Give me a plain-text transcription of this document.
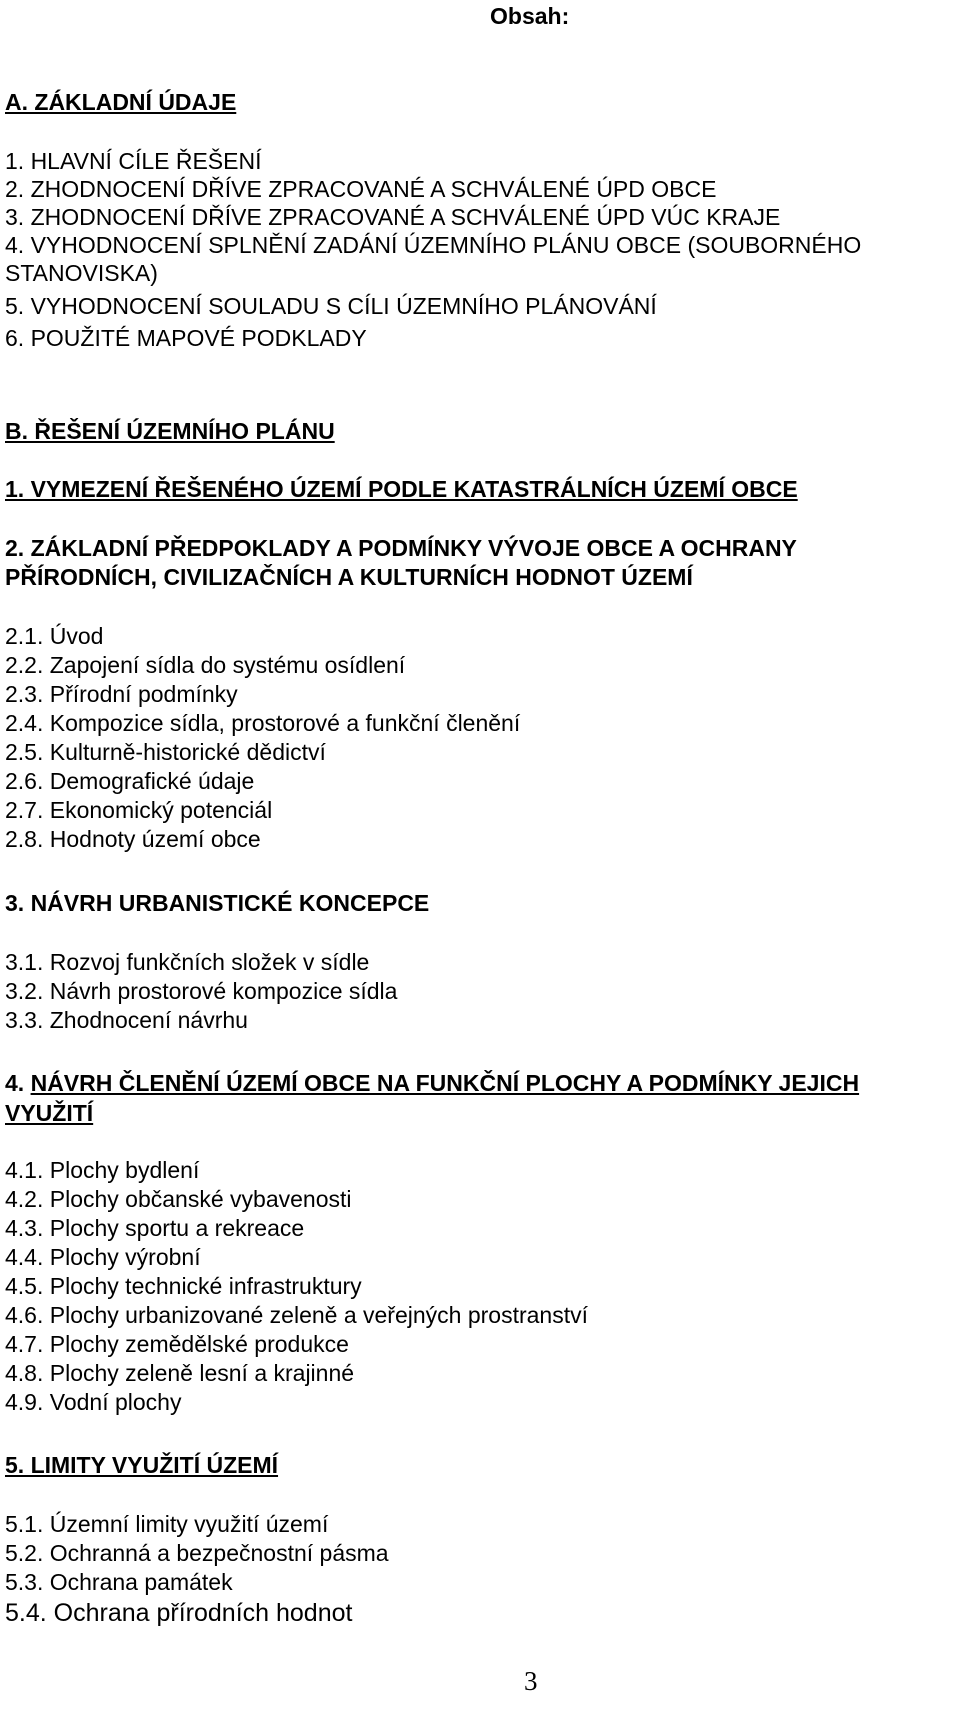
Obsah:
A. ZÁKLADNÍ ÚDAJE
1. HLAVNÍ CÍLE ŘEŠENÍ
2. ZHODNOCENÍ DŘÍVE ZPRACOVANÉ A SCHVÁLENÉ ÚPD OBCE
3. ZHODNOCENÍ DŘÍVE ZPRACOVANÉ A SCHVÁLENÉ ÚPD VÚC KRAJE
4. VYHODNOCENÍ SPLNĚNÍ ZADÁNÍ ÚZEMNÍHO PLÁNU OBCE (SOUBORNÉHO
STANOVISKA)
5. VYHODNOCENÍ SOULADU S CÍLI ÚZEMNÍHO PLÁNOVÁNÍ
6. POUŽITÉ MAPOVÉ PODKLADY
B. ŘEŠENÍ ÚZEMNÍHO PLÁNU
1. VYMEZENÍ ŘEŠENÉHO ÚZEMÍ PODLE KATASTRÁLNÍCH ÚZEMÍ OBCE
2. ZÁKLADNÍ PŘEDPOKLADY A PODMÍNKY VÝVOJE OBCE A OCHRANY
PŘÍRODNÍCH, CIVILIZAČNÍCH A KULTURNÍCH HODNOT ÚZEMÍ
2.1. Úvod
2.2. Zapojení sídla do systému osídlení
2.3. Přírodní podmínky
2.4. Kompozice sídla, prostorové a funkční členění
2.5. Kulturně-historické dědictví
2.6. Demografické údaje
2.7. Ekonomický potenciál
2.8. Hodnoty území obce
3. NÁVRH URBANISTICKÉ KONCEPCE
3.1. Rozvoj funkčních složek v sídle
3.2. Návrh prostorové kompozice sídla
3.3. Zhodnocení návrhu
4. NÁVRH ČLENĚNÍ ÚZEMÍ OBCE NA FUNKČNÍ PLOCHY A PODMÍNKY JEJICH
VYUŽITÍ
4.1. Plochy bydlení
4.2. Plochy občanské vybavenosti
4.3. Plochy sportu a rekreace
4.4. Plochy výrobní
4.5. Plochy technické infrastruktury
4.6. Plochy urbanizované zeleně a veřejných prostranství
4.7. Plochy zemědělské produkce
4.8. Plochy zeleně lesní a krajinné
4.9. Vodní plochy
5. LIMITY VYUŽITÍ ÚZEMÍ
5.1. Územní limity využití území
5.2. Ochranná a bezpečnostní pásma
5.3. Ochrana památek
5.4. Ochrana přírodních hodnot
3
